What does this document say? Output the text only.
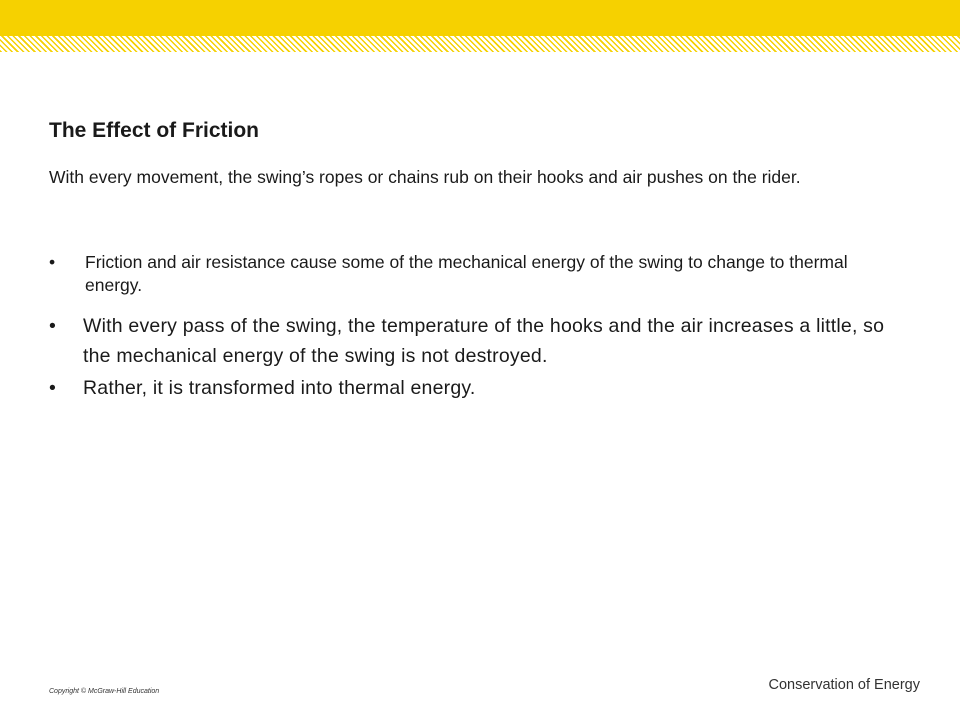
The Effect of Friction

With every movement, the swing’s ropes or chains rub on their hooks and air pushes on the rider.

•	Friction and air resistance cause some of the mechanical energy of the swing to change to thermal energy.
•	With every pass of the swing, the temperature of the hooks and the air increases a little, so the mechanical energy of the swing is not destroyed.
•	Rather, it is transformed into thermal energy.
Copyright © McGraw-Hill Education	Conservation of Energy
